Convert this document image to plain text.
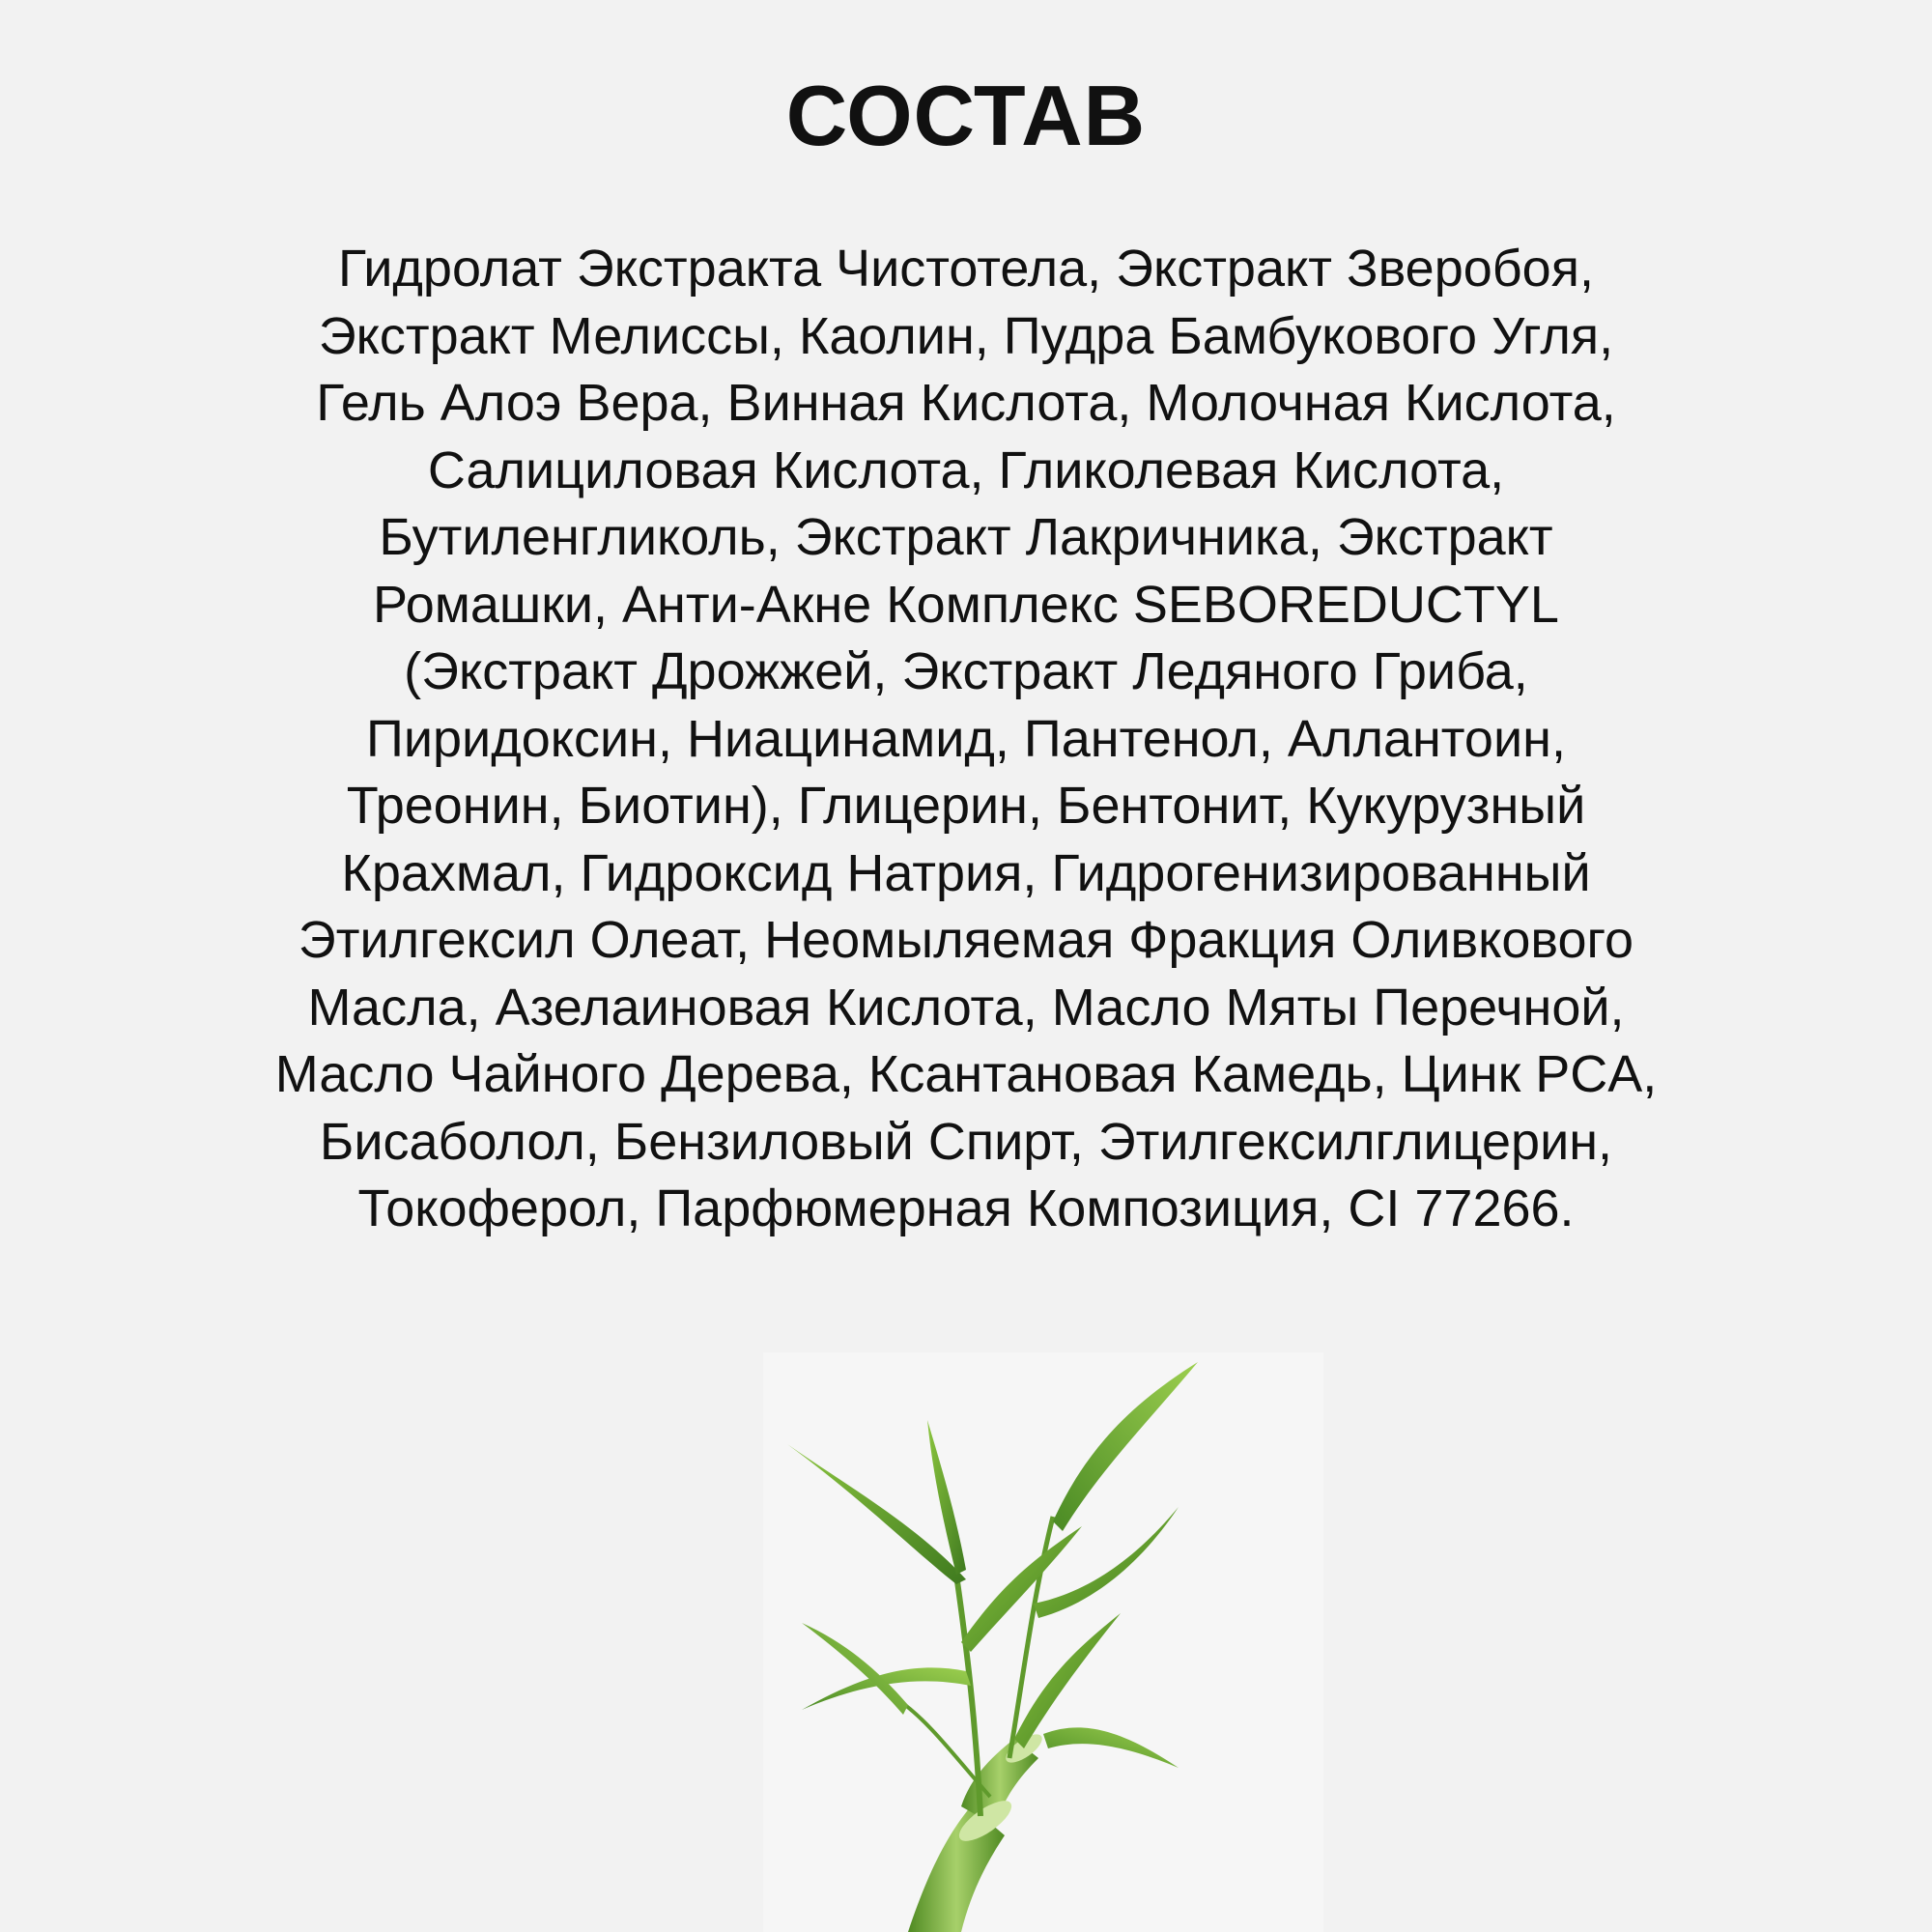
СОСТАВ

Гидролат Экстракта Чистотела, Экстракт Зверобоя,
Экстракт Мелиссы, Каолин, Пудра Бамбукового Угля,
Гель Алоэ Вера, Винная Кислота, Молочная Кислота,
Салициловая Кислота, Гликолевая Кислота,
Бутиленгликоль, Экстракт Лакричника, Экстракт
Ромашки, Анти-Акне Комплекс SEBOREDUCTYL
(Экстракт Дрожжей, Экстракт Ледяного Гриба,
Пиридоксин, Ниацинамид, Пантенол, Аллантоин,
Треонин, Биотин), Глицерин, Бентонит, Кукурузный
Крахмал, Гидроксид Натрия, Гидрогенизированный
Этилгексил Олеат, Неомыляемая Фракция Оливкового
Масла, Азелаиновая Кислота, Масло Мяты Перечной,
Масло Чайного Дерева, Ксантановая Камедь, Цинк PCA,
Бисаболол, Бензиловый Спирт, Этилгексилглицерин,
Токоферол, Парфюмерная Композиция, CI 77266.
